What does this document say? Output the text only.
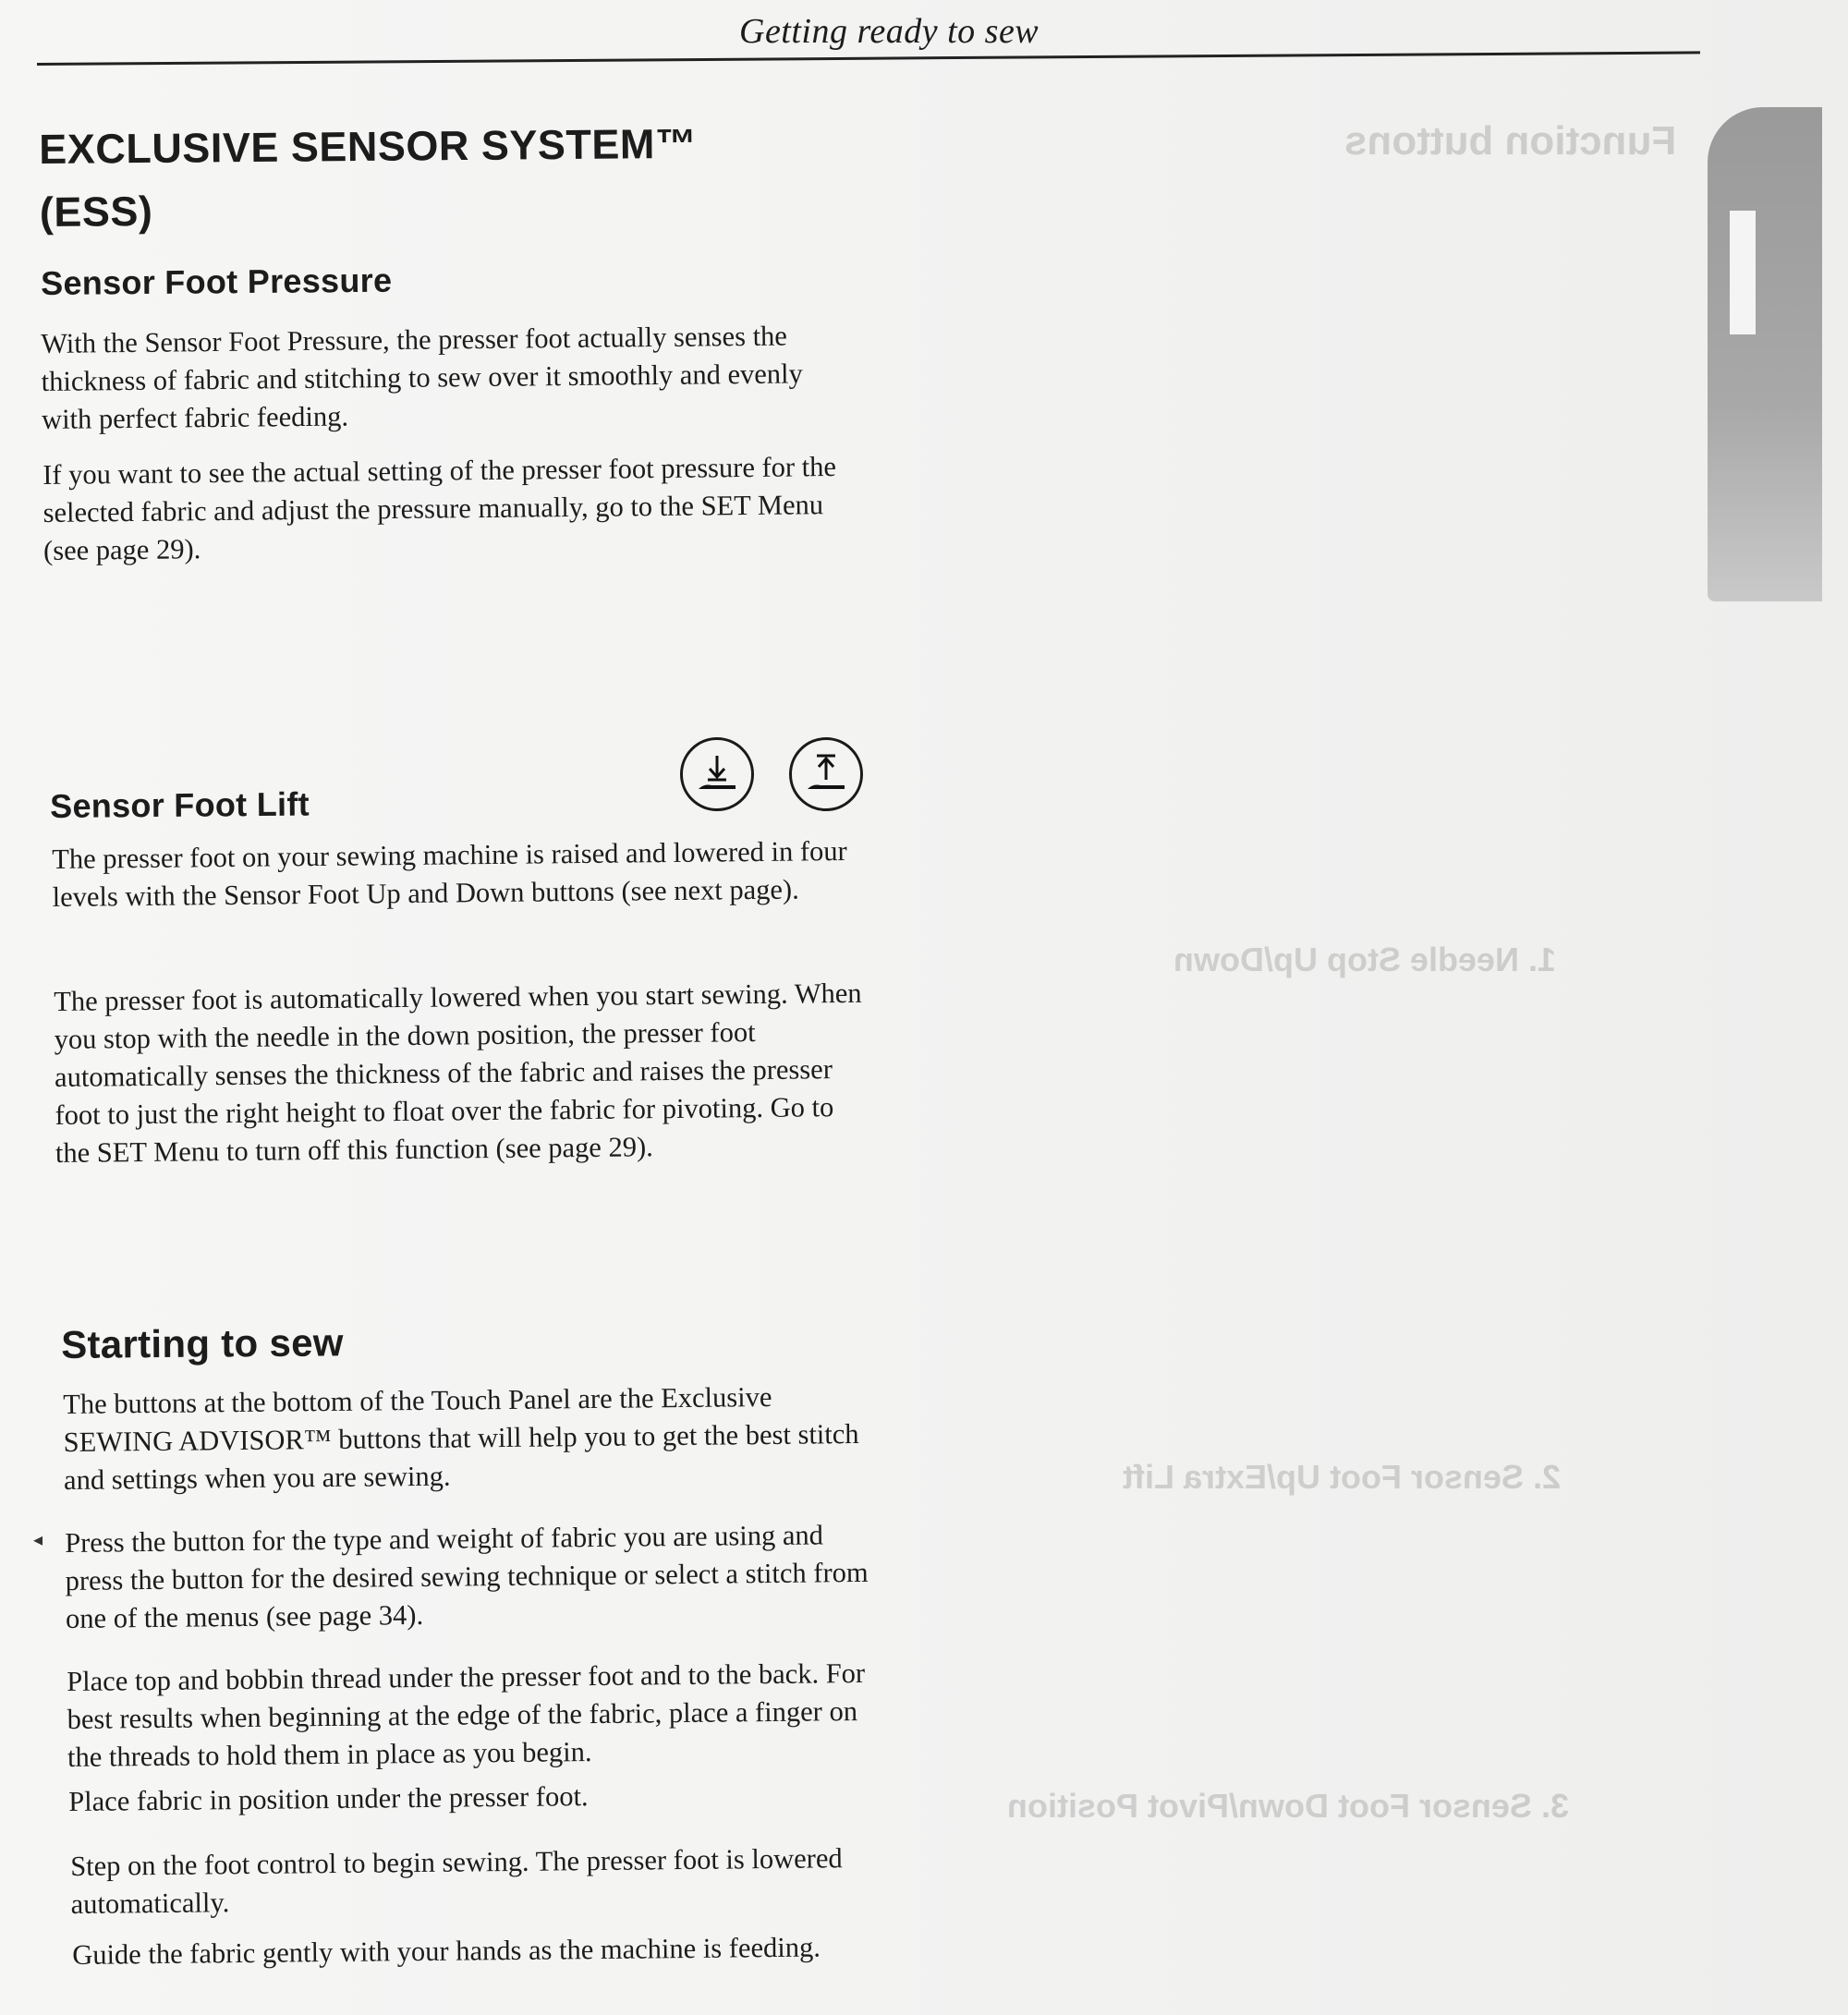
Function buttons
1. Needle Stop Up/Down
2. Sensor Foot Up/Extra Lift
3. Sensor Foot Down/Pivot Position
Getting ready to sew
EXCLUSIVE SENSOR SYSTEM™
(ESS)
Sensor Foot Pressure
With the Sensor Foot Pressure, the presser foot actually senses the thickness of fabric and stitching to sew over it smoothly and evenly with perfect fabric feeding.
If you want to see the actual setting of the presser foot pressure for the selected fabric and adjust the pressure manually, go to the SET Menu (see page 29).
Sensor Foot Lift
The presser foot on your sewing machine is raised and lowered in four levels with the Sensor Foot Up and Down buttons (see next page).
The presser foot is automatically lowered when you start sewing. When you stop with the needle in the down position, the presser foot automatically senses the thickness of the fabric and raises the presser foot to just the right height to float over the fabric for pivoting. Go to the SET Menu to turn off this function (see page 29).
Starting to sew
The buttons at the bottom of the Touch Panel are the Exclusive SEWING ADVISOR™ buttons that will help you to get the best stitch and settings when you are sewing.
◂ Press the button for the type and weight of fabric you are using and press the button for the desired sewing technique or select a stitch from one of the menus (see page 34).
Place top and bobbin thread under the presser foot and to the back. For best results when beginning at the edge of the fabric, place a finger on the threads to hold them in place as you begin.
Place fabric in position under the presser foot.
Step on the foot control to begin sewing. The presser foot is lowered automatically.
Guide the fabric gently with your hands as the machine is feeding.
